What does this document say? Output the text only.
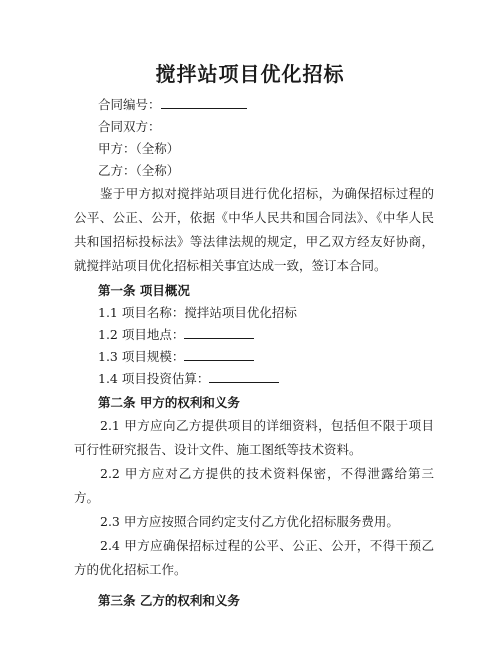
搅拌站项目优化招标
合同编号：
合同双方：
甲方：（全称）
乙方：（全称）
鉴于甲方拟对搅拌站项目进行优化招标，为确保招标过程的公平、公正、公开，依据《中华人民共和国合同法》、《中华人民共和国招标投标法》等法律法规的规定，甲乙双方经友好协商，就搅拌站项目优化招标相关事宜达成一致，签订本合同。
第一条 项目概况
1.1 项目名称：搅拌站项目优化招标
1.2 项目地点：
1.3 项目规模：
1.4 项目投资估算：
第二条 甲方的权利和义务
2.1 甲方应向乙方提供项目的详细资料，包括但不限于项目可行性研究报告、设计文件、施工图纸等技术资料。
2.2 甲方应对乙方提供的技术资料保密，不得泄露给第三方。
2.3 甲方应按照合同约定支付乙方优化招标服务费用。
2.4 甲方应确保招标过程的公平、公正、公开，不得干预乙方的优化招标工作。
第三条 乙方的权利和义务
